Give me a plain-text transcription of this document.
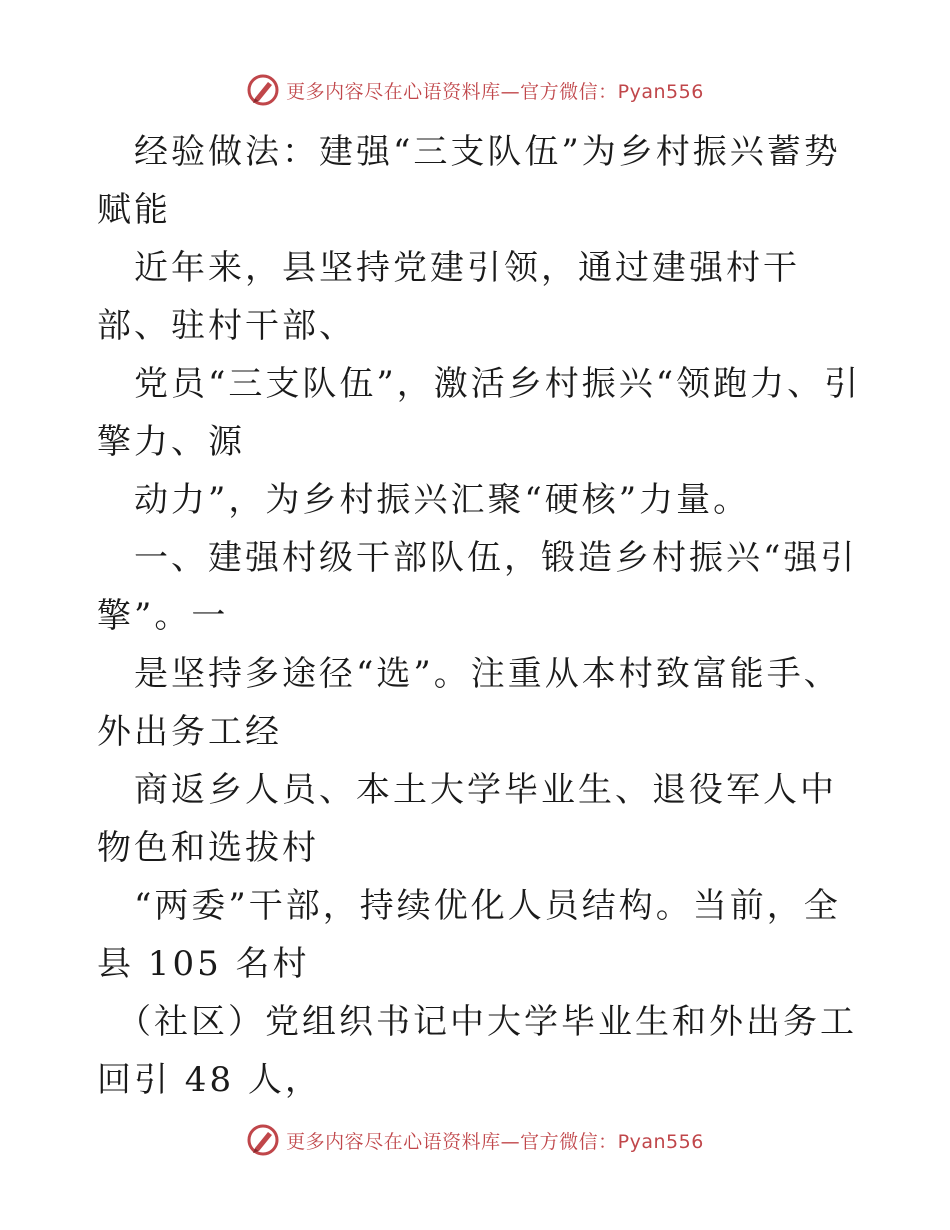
更多内容尽在心语资料库—官方微信：Pyan556

　经验做法：建强“三支队伍”为乡村振兴蓄势赋能

　近年来，县坚持党建引领，通过建强村干部、驻村干部、

　党员“三支队伍”，激活乡村振兴“领跑力、引擎力、源

　动力”，为乡村振兴汇聚“硬核”力量。

　一、建强村级干部队伍，锻造乡村振兴“强引擎”。一

　是坚持多途径“选”。注重从本村致富能手、外出务工经

　商返乡人员、本土大学毕业生、退役军人中物色和选拔村

　“两委”干部，持续优化人员结构。当前，全县 105 名村

　（社区）党组织书记中大学毕业生和外出务工回引 48 人，

更多内容尽在心语资料库—官方微信：Pyan556
